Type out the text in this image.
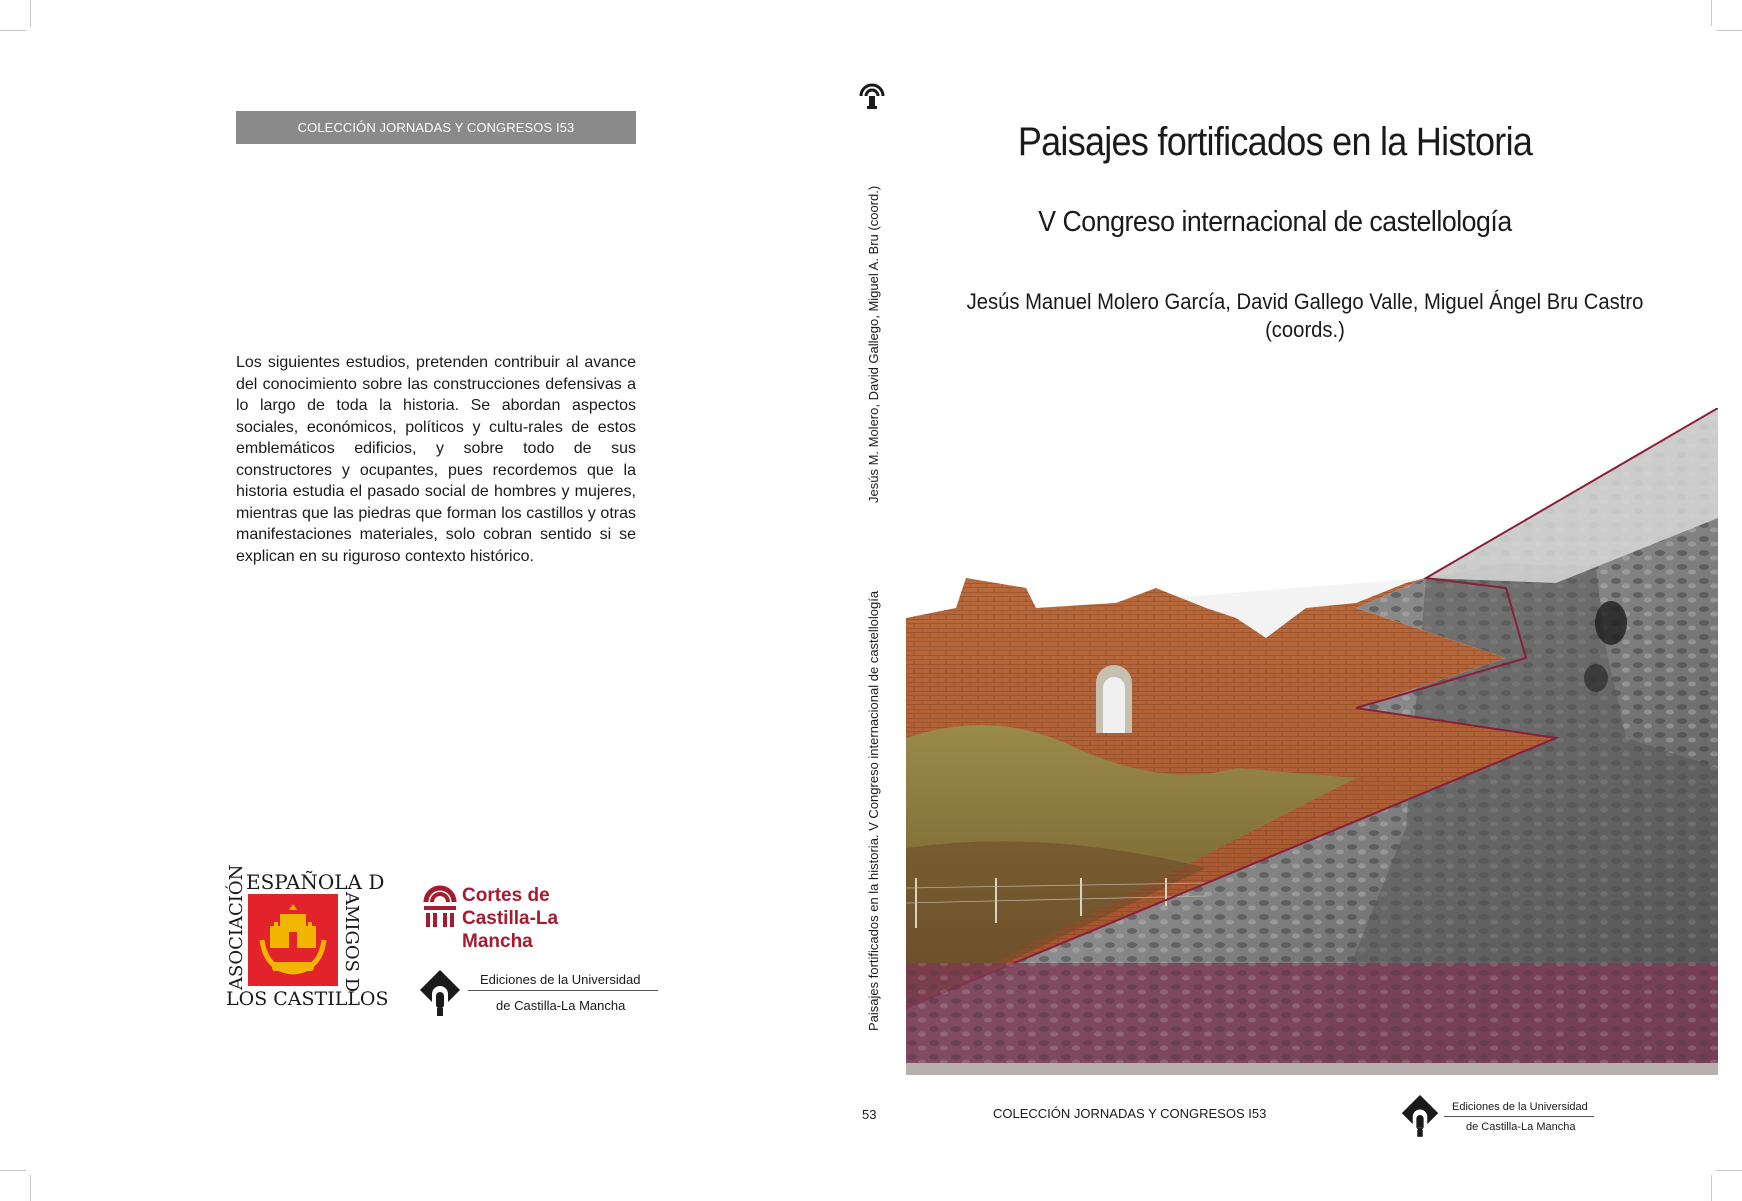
COLECCIÓN JORNADAS Y CONGRESOS I53
Los siguientes estudios, pretenden contribuir al avance del conocimiento sobre las construcciones defensivas a lo largo de toda la historia. Se abordan aspectos sociales, económicos, políticos y cultu-rales de estos emblemáticos edificios, y sobre todo de sus constructores y ocupantes, pues recordemos que la historia estudia el pasado social de hombres y mujeres, mientras que las piedras que forman los castillos y otras manifestaciones materiales, solo cobran sentido si se explican en su riguroso contexto histórico.
ESPAÑOLA D
ASOCIACIÓN	AMIGOS D
LOS CASTILLOS
Cortes de
Castilla-La Mancha
Ediciones de la Universidad
de Castilla-La Mancha
Jesús M. Molero, David Gallego, Miguel A. Bru (coord.)
Paisajes fortificados en la historia. V Congreso internacional de castellología
53
Paisajes fortificados en la Historia
V Congreso internacional de castellología
Jesús Manuel Molero García, David Gallego Valle, Miguel Ángel Bru Castro
(coords.)
COLECCIÓN JORNADAS Y CONGRESOS I53	Ediciones de la Universidad
de Castilla-La Mancha
